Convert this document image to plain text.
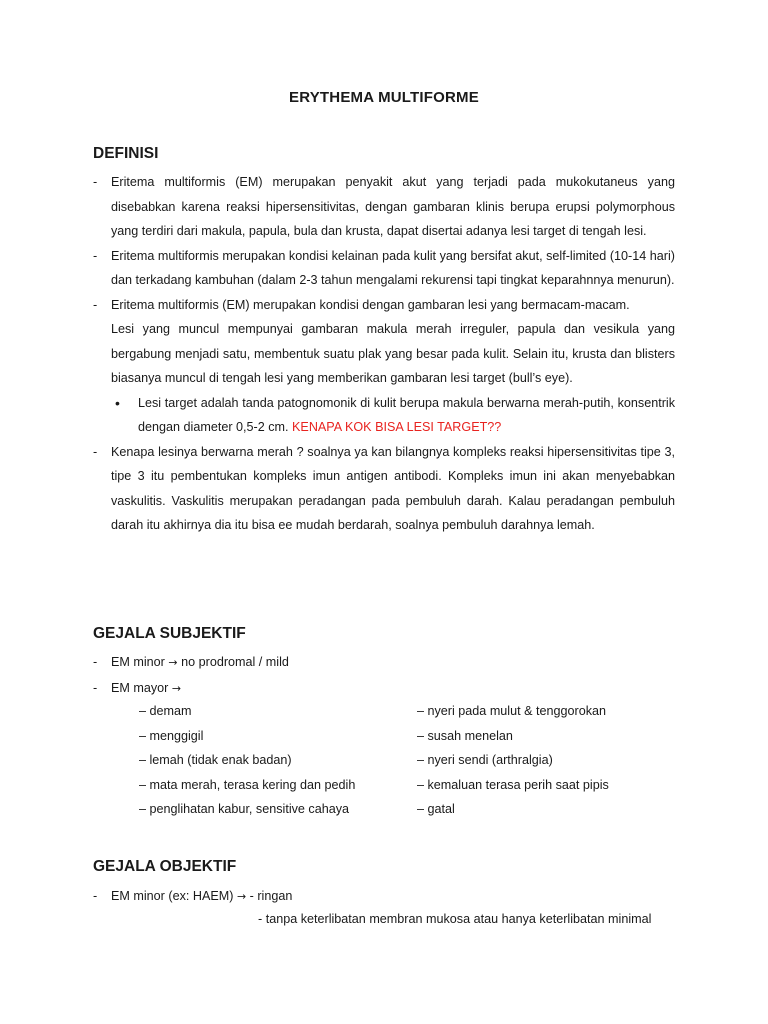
ERYTHEMA MULTIFORME
DEFINISI
- Eritema multiformis (EM) merupakan penyakit akut yang terjadi pada mukokutaneus yang disebabkan karena reaksi hipersensitivitas, dengan gambaran klinis berupa erupsi polymorphous yang terdiri dari makula, papula, bula dan krusta, dapat disertai adanya lesi target di tengah lesi.

- Eritema multiformis merupakan kondisi kelainan pada kulit yang bersifat akut, self-limited (10-14 hari) dan terkadang kambuhan (dalam 2-3 tahun mengalami rekurensi tapi tingkat keparahnnya menurun).

- Eritema multiformis (EM) merupakan kondisi dengan gambaran lesi yang bermacam-macam.

Lesi yang muncul mempunyai gambaran makula merah irreguler, papula dan vesikula yang bergabung menjadi satu, membentuk suatu plak yang besar pada kulit. Selain itu, krusta dan blisters biasanya muncul di tengah lesi yang memberikan gambaran lesi target (bull’s eye).

• Lesi target adalah tanda patognomonik di kulit berupa makula berwarna merah-putih, konsentrik dengan diameter 0,5-2 cm. KENAPA KOK BISA LESI TARGET??

- Kenapa lesinya berwarna merah ? soalnya ya kan bilangnya kompleks reaksi hipersensitivitas tipe 3, tipe 3 itu pembentukan kompleks imun antigen antibodi. Kompleks imun ini akan menyebabkan vaskulitis. Vaskulitis merupakan peradangan pada pembuluh darah. Kalau peradangan pembuluh darah itu akhirnya dia itu bisa ee mudah berdarah, soalnya pembuluh darahnya lemah.

GEJALA SUBJEKTIF
- EM minor → no prodromal / mild
- EM mayor →
– demam	– nyeri pada mulut & tenggorokan
– menggigil	– susah menelan
– lemah (tidak enak badan)	– nyeri sendi (arthralgia)
– mata merah, terasa kering dan pedih	– kemaluan terasa perih saat pipis
– penglihatan kabur, sensitive cahaya	– gatal
GEJALA OBJEKTIF
- EM minor (ex: HAEM) → - ringan
- tanpa keterlibatan membran mukosa atau hanya keterlibatan minimal
